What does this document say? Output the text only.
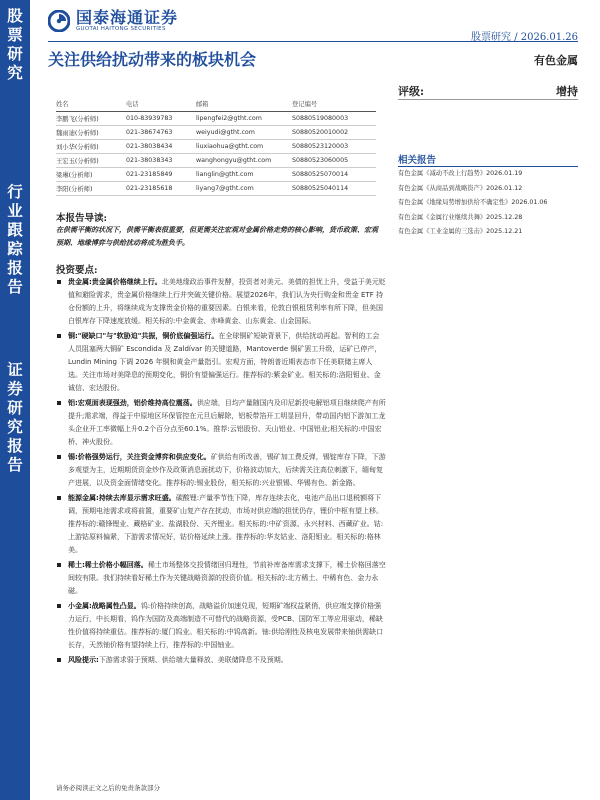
股
票
研
究
行
业
跟
踪
报
告
证
券
研
究
报
告
国泰海通证券
GUOTAI HAITONG SECURITIES
股票研究 / 2026.01.26
关注供给扰动带来的板块机会	有色金属
评级:	增持
姓名	电话	邮箱	登记编号
李鹏飞(分析师)	010-83939783	lipengfei2@gtht.com	S0880519080003
魏雨迪(分析师)	021-38674763	weiyudi@gtht.com	S0880520010002
刘小华(分析师)	021-38038434	liuxiaohua@gtht.com	S0880523120003
王宏玉(分析师)	021-38038343	wanghongyu@gtht.com	S0880523060005
梁琳(分析师)	021-23185849	lianglin@gtht.com	S0880525070014
李阳(分析师)	021-23185618	liyang7@gtht.com	S0880525040114
相关报告
有色金属《减动不改上行趋势》2026.01.19
有色金属《从商品到战略资产》2026.01.12
有色金属《地缘局势增加供给不确定性》2026.01.06
有色金属《金属行业继续共舞》2025.12.28
有色金属《工业金属的三选击》2025.12.21
本报告导读:
在供需平衡的状况下，供需平衡表很重要，但更需关注宏观对金属价格走势的核心影响，货币政策、宏观预期、地缘博弈与供给扰动将成为胜负手。
投资要点:
贵金属:贵金属价格继续上行。北美地缘政治事件发酵，投资者对美元、美债的担忧上升，受益于美元贬值和避险需求，贵金属价格继续上行并突破关键价格。展望2026年，我们认为央行购金和贵金 ETF 持仓份额的上升，将继续成为支撑贵金价格的重要因素。白银来看，伦敦白银租赁利率有所下降，但美国白银库存下降速度放缓。相关标的:中金黄金、赤峰黄金、山东黄金、山金国际。
铜:"硬缺口"与"软胁迫"共振，铜价底偏强运行。在全球铜矿短缺背景下，供给扰动再起。智利的工会人员阻塞两大铜矿 Escondida 及 Zaldívar 的关键道路，Mantoverde 铜矿罢工升级，运矿已停产，Lundin Mining 下调 2026 年铜和黄金产量指引。宏观方面，特朗普近期表态市下任美联储主席人选。关注市场对美降息的预期变化，铜价有望偏强运行。推荐标的:紫金矿业。相关标的:洛阳钼业、金诚信、宏达股份。
铝:宏观面表现强劲，铝价维持高位震荡。供应端，目均产量随国内及印尼新投电解铝项目继续爬产有所提升;需求端，得益于中原地区环保管控在元旦后解除，铝板带箔开工明显回升，带动国内铝下游加工龙头企业开工率微幅上升0.2个百分点至60.1%。推荐:云铝股份、天山铝业、中国铝业;相关标的:中国宏桥、神火股份。
锡:价格强势运行，关注资金博弈和供应变化。矿供给有所改善，锡矿加工费反弹，锡锭库存下降，下游多观望为主，近期期货资金炒作及政策消息面扰动下，价格波动加大，后续需关注高位刺激下，缅甸复产进展，以及资金面情绪变化。推荐标的:锡业股份，相关标的:兴业银锡、华锡有色、新金路。
能源金属:持续去库显示需求旺盛。碳酸锂:产量季节性下降，库存连续去化，电池产品出口退税额将下调，预期电池需求或将前置，重要矿山复产存在扰动，市场对供应端的担忧仍存，锂价中枢有望上移。推荐标的:赣锋锂业、藏格矿业、盐湖股份、天齐锂业。相关标的:中矿资源、永兴材料、西藏矿业。钴:上游钴原料偏紧，下游需求情况好，钴价格延续上涨。推荐标的:华友钴业、洛阳钼业。相关标的:格林美。
稀土:稀土价格小幅回落。稀土市场整体交投情绪回归理性，节前补库备库需求支撑下，稀土价格回落空间较有限。我们持续看好稀土作为关键战略资源的投资价值。相关标的:北方稀土、中稀有色、金力永磁。
小金属:战略属性凸显。钨:价格持续创高，战略溢价加速兑现，短期矿端权益紧俏，供应端支撑价格强力运行，中长期看，钨作为国防及高端制造不可替代的战略资源，受PCB、国防军工等应用驱动，稀缺性价值将持续重估。推荐标的:厦门钨业。相关标的:中钨高新。铀:供给刚性及核电发展带来铀供需缺口长存，天然铀价格有望持续上行，推荐标的:中国铀业。
风险提示:下游需求弱于预期、供给端大量释放、美联储降息不及预期。
请务必阅读正文之后的免责条款部分
